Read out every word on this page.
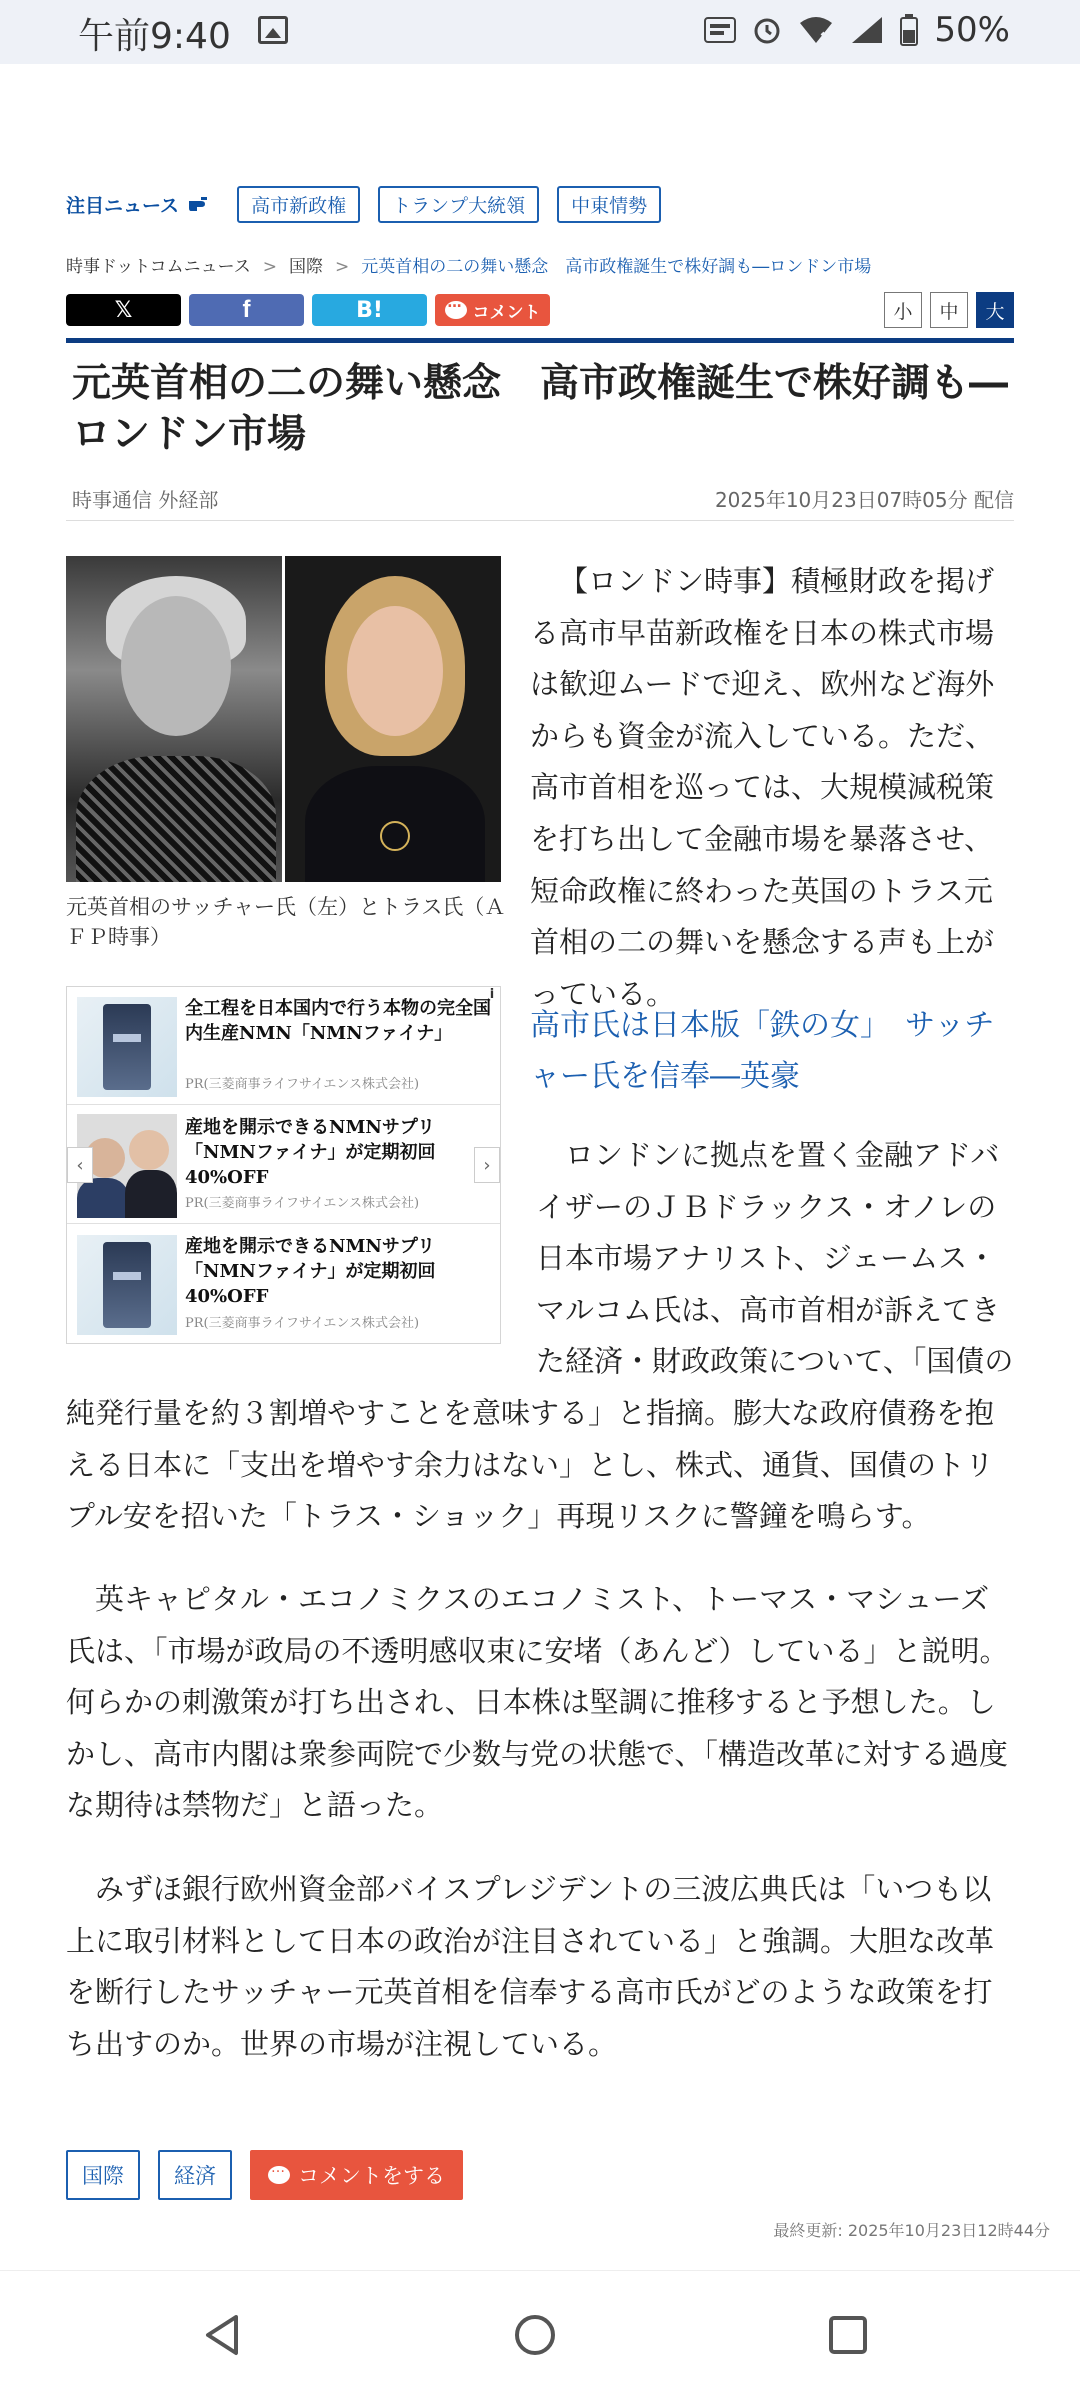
午前9:40	50%
注目ニュース	高市新政権	トランプ大統領	中東情勢
時事ドットコムニュース > 国際 > 元英首相の二の舞い懸念　高市政権誕生で株好調も―ロンドン市場
𝕏	f	B! …	コメント	小	中	大
元英首相の二の舞い懸念　高市政権誕生で株好調も―ロンドン市場
時事通信 外経部	2025年10月23日07時05分 配信
元英首相のサッチャー氏（左）とトラス氏（ＡＦＰ時事）
【ロンドン時事】積極財政を掲げる高市早苗新政権を日本の株式市場は歓迎ムードで迎え、欧州など海外からも資金が流入している。ただ、高市首相を巡っては、大規模減税策を打ち出して金融市場を暴落させ、短命政権に終わった英国のトラス元首相の二の舞いを懸念する声も上がっている。
高市氏は日本版「鉄の女」　サッチャー氏を信奉―英豪
i
全工程を日本国内で行う本物の完全国内生産NMN「NMNファイナ」
PR(三菱商事ライフサイエンス株式会社)
産地を開示できるNMNサプリ「NMNファイナ」が定期初回40%OFF
PR(三菱商事ライフサイエンス株式会社)
産地を開示できるNMNサプリ「NMNファイナ」が定期初回40%OFF
PR(三菱商事ライフサイエンス株式会社)
‹	›	ロンドンに拠点を置く金融アドバイザーのＪＢドラックス・オノレの日本市場アナリスト、ジェームス・マルコム氏は、高市首相が訴えてきた経済・財政政策について、「国債の純発行量を約３割増やすことを意味する」と指摘。膨大な政府債務を抱える日本に「支出を増やす余力はない」とし、株式、通貨、国債のトリプル安を招いた「トラス・ショック」再現リスクに警鐘を鳴らす。
英キャピタル・エコノミクスのエコノミスト、トーマス・マシューズ氏は、「市場が政局の不透明感収束に安堵（あんど）している」と説明。何らかの刺激策が打ち出され、日本株は堅調に推移すると予想した。しかし、高市内閣は衆参両院で少数与党の状態で、「構造改革に対する過度な期待は禁物だ」と語った。
みずほ銀行欧州資金部バイスプレジデントの三波広典氏は「いつも以上に取引材料として日本の政治が注目されている」と強調。大胆な改革を断行したサッチャー元英首相を信奉する高市氏がどのような政策を打ち出すのか。世界の市場が注視している。
国際	経済 …	コメントをする
最終更新: 2025年10月23日12時44分
